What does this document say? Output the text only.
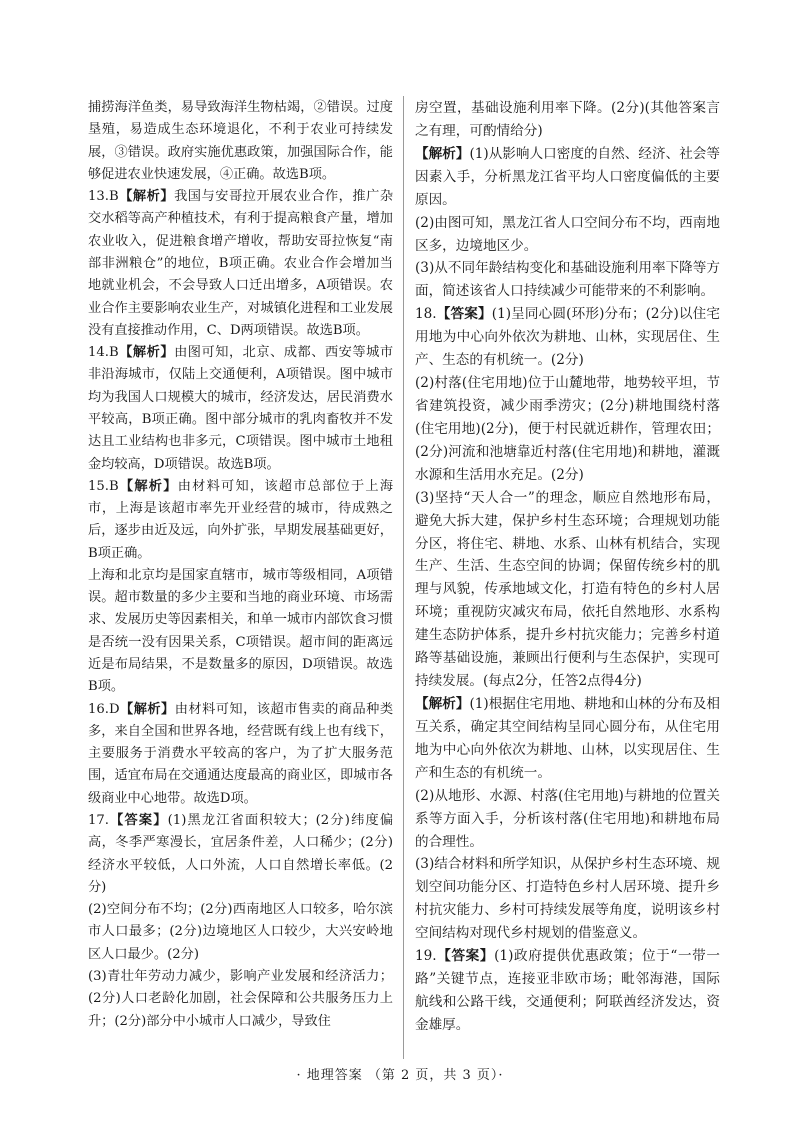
捕捞海洋鱼类，易导致海洋生物枯竭，②错误。过度垦殖，易造成生态环境退化，不利于农业可持续发展，③错误。政府实施优惠政策，加强国际合作，能够促进农业快速发展，④正确。故选B项。

13.B【解析】我国与安哥拉开展农业合作，推广杂交水稻等高产种植技术，有利于提高粮食产量，增加农业收入，促进粮食增产增收，帮助安哥拉恢复“南部非洲粮仓”的地位，B项正确。农业合作会增加当地就业机会，不会导致人口迁出增多，A项错误。农业合作主要影响农业生产，对城镇化进程和工业发展没有直接推动作用，C、D两项错误。故选B项。

14.B【解析】由图可知，北京、成都、西安等城市非沿海城市，仅陆上交通便利，A项错误。图中城市均为我国人口规模大的城市，经济发达，居民消费水平较高，B项正确。图中部分城市的乳肉畜牧并不发达且工业结构也非多元，C项错误。图中城市土地租金均较高，D项错误。故选B项。

15.B【解析】由材料可知，该超市总部位于上海市，上海是该超市率先开业经营的城市，待成熟之后，逐步由近及远，向外扩张，早期发展基础更好，B项正确。
上海和北京均是国家直辖市，城市等级相同，A项错误。超市数量的多少主要和当地的商业环境、市场需求、发展历史等因素相关，和单一城市内部饮食习惯是否统一没有因果关系，C项错误。超市间的距离远近是布局结果，不是数量多的原因，D项错误。故选B项。

16.D【解析】由材料可知，该超市售卖的商品种类多，来自全国和世界各地，经营既有线上也有线下，主要服务于消费水平较高的客户，为了扩大服务范围，适宜布局在交通通达度最高的商业区，即城市各级商业中心地带。故选D项。

17.【答案】(1)黑龙江省面积较大；(2分)纬度偏高，冬季严寒漫长，宜居条件差，人口稀少；(2分)经济水平较低，人口外流，人口自然增长率低。(2分)

(2)空间分布不均；(2分)西南地区人口较多，哈尔滨市人口最多；(2分)边境地区人口较少，大兴安岭地区人口最少。(2分)

(3)青壮年劳动力减少，影响产业发展和经济活力；(2分)人口老龄化加剧，社会保障和公共服务压力上升；(2分)部分中小城市人口减少，导致住

房空置，基础设施利用率下降。(2分)(其他答案言之有理，可酌情给分)

【解析】(1)从影响人口密度的自然、经济、社会等因素入手，分析黑龙江省平均人口密度偏低的主要原因。

(2)由图可知，黑龙江省人口空间分布不均，西南地区多，边境地区少。

(3)从不同年龄结构变化和基础设施利用率下降等方面，简述该省人口持续减少可能带来的不利影响。

18.【答案】(1)呈同心圆(环形)分布；(2分)以住宅用地为中心向外依次为耕地、山林，实现居住、生产、生态的有机统一。(2分)

(2)村落(住宅用地)位于山麓地带，地势较平坦，节省建筑投资，减少雨季涝灾；(2分)耕地围绕村落(住宅用地)(2分)，便于村民就近耕作，管理农田；(2分)河流和池塘靠近村落(住宅用地)和耕地，灌溉水源和生活用水充足。(2分)

(3)坚持“天人合一”的理念，顺应自然地形布局，避免大拆大建，保护乡村生态环境；合理规划功能分区，将住宅、耕地、水系、山林有机结合，实现生产、生活、生态空间的协调；保留传统乡村的肌理与风貌，传承地域文化，打造有特色的乡村人居环境；重视防灾减灾布局，依托自然地形、水系构建生态防护体系，提升乡村抗灾能力；完善乡村道路等基础设施，兼顾出行便利与生态保护，实现可持续发展。(每点2分，任答2点得4分)

【解析】(1)根据住宅用地、耕地和山林的分布及相互关系，确定其空间结构呈同心圆分布，从住宅用地为中心向外依次为耕地、山林，以实现居住、生产和生态的有机统一。

(2)从地形、水源、村落(住宅用地)与耕地的位置关系等方面入手，分析该村落(住宅用地)和耕地布局的合理性。

(3)结合材料和所学知识，从保护乡村生态环境、规划空间功能分区、打造特色乡村人居环境、提升乡村抗灾能力、乡村可持续发展等角度，说明该乡村空间结构对现代乡村规划的借鉴意义。

19.【答案】(1)政府提供优惠政策；位于“一带一路”关键节点，连接亚非欧市场；毗邻海港，国际航线和公路干线，交通便利；阿联酋经济发达，资金雄厚。

· 地理答案 （第 2 页，共 3 页）·
